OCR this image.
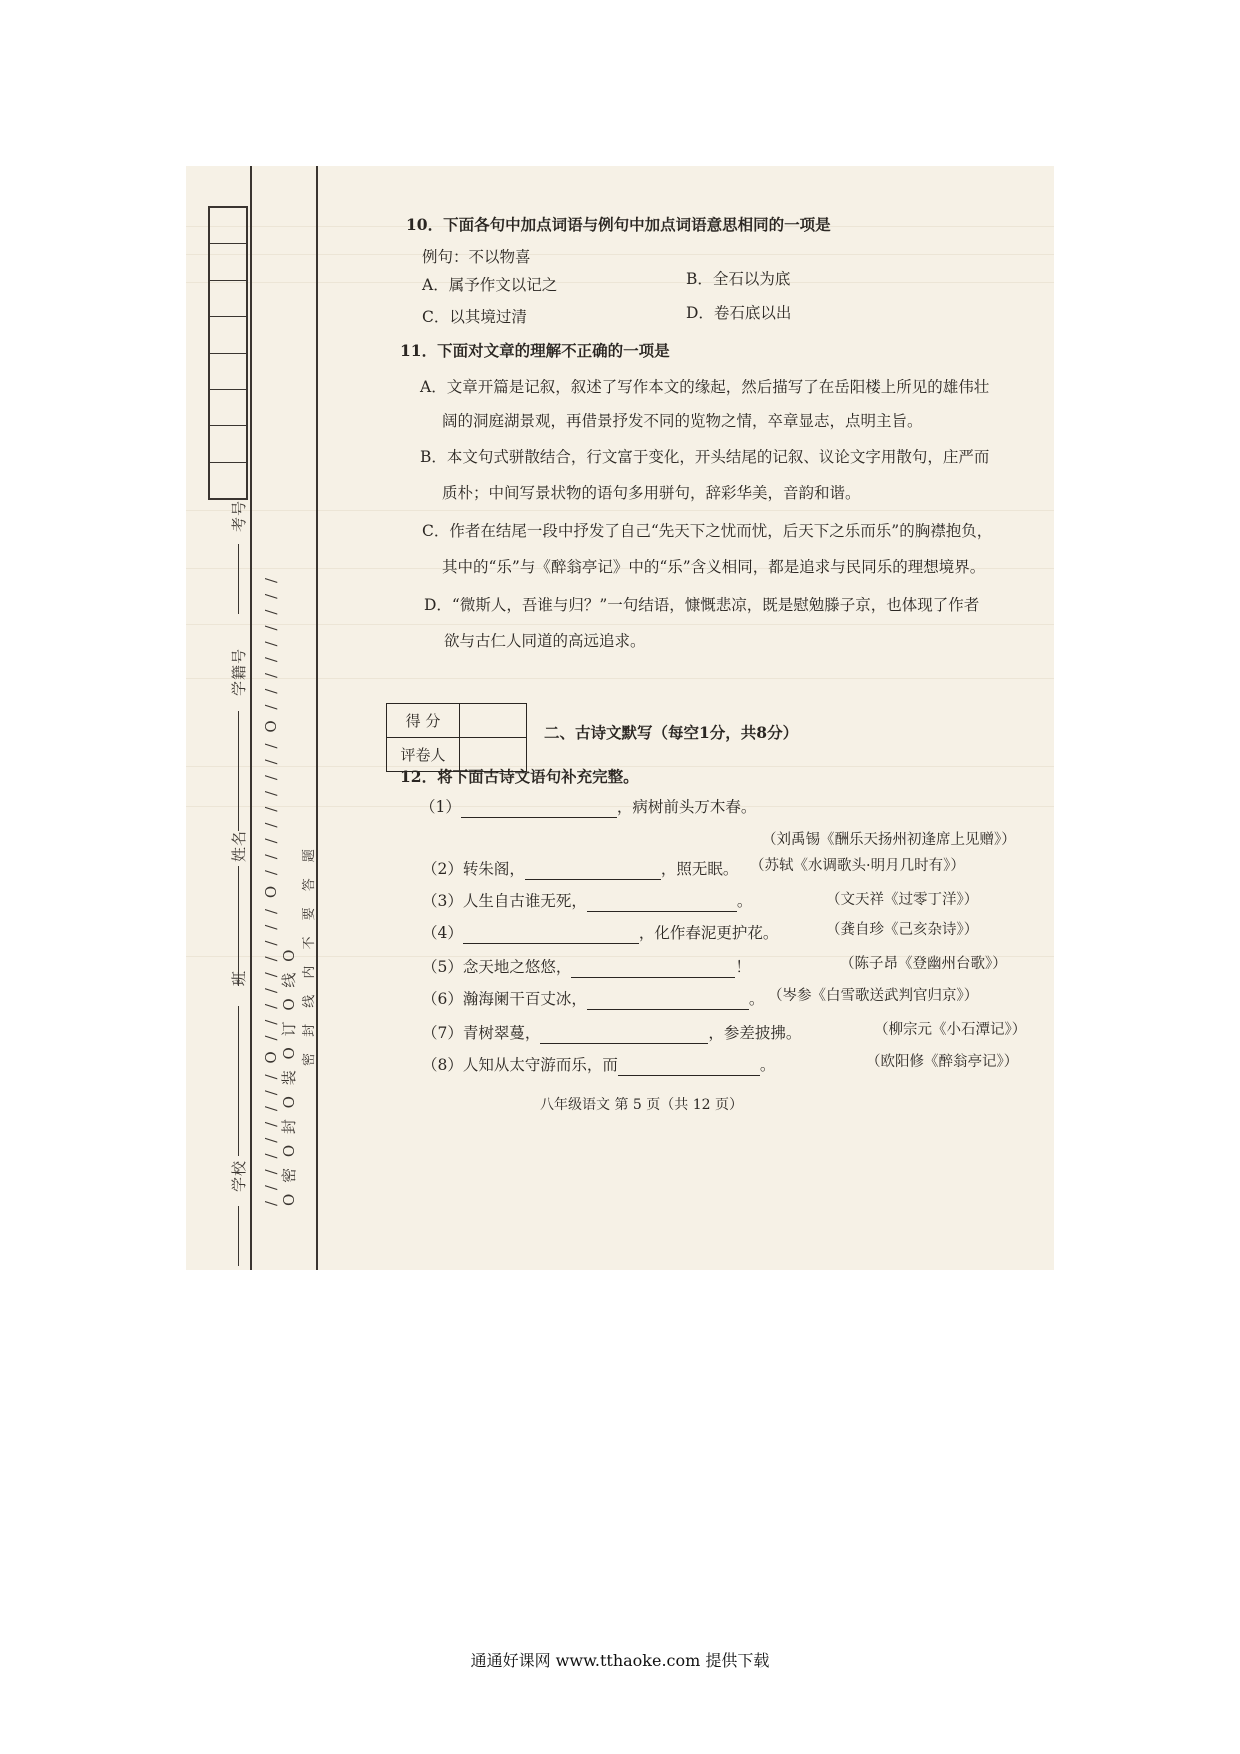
考号
学籍号
姓名
班
学校 / / / / / / / / / O / / / / / / / / / O / / / / / / / / / O / / / / / / / / / O 密 O 封 O 装 O 订 O 线 O 密 封 线 内 不 要 答 题
10．下面各句中加点词语与例句中加点词语意思相同的一项是
例句：不以物喜
A．属予作文以记之	B．全石以为底
C．以其境过清	D．卷石底以出
11．下面对文章的理解不正确的一项是
A．文章开篇是记叙，叙述了写作本文的缘起，然后描写了在岳阳楼上所见的雄伟壮
阔的洞庭湖景观，再借景抒发不同的览物之情，卒章显志，点明主旨。
B．本文句式骈散结合，行文富于变化，开头结尾的记叙、议论文字用散句，庄严而
质朴；中间写景状物的语句多用骈句，辞彩华美，音韵和谐。
C．作者在结尾一段中抒发了自己“先天下之忧而忧，后天下之乐而乐”的胸襟抱负，
其中的“乐”与《醉翁亭记》中的“乐”含义相同，都是追求与民同乐的理想境界。
D．“微斯人，吾谁与归？”一句结语，慷慨悲凉，既是慰勉滕子京，也体现了作者
欲与古仁人同道的高远追求。
得 分	
评卷人	
二、古诗文默写（每空1分，共8分）
12．将下面古诗文语句补充完整。
（1）	，病树前头万木春。
（刘禹锡《酬乐天扬州初逢席上见赠》）
（2）转朱阁，	，照无眠。 （苏轼《水调歌头·明月几时有》）
（3）人生自古谁无死，	。	（文天祥《过零丁洋》）
（4）	，化作春泥更护花。	（龚自珍《己亥杂诗》）
（5）念天地之悠悠，	！	（陈子昂《登幽州台歌》）
（6）瀚海阑干百丈冰，	。 （岑参《白雪歌送武判官归京》）
（7）青树翠蔓，	，参差披拂。	（柳宗元《小石潭记》）
（8）人知从太守游而乐，而	。	（欧阳修《醉翁亭记》）
八年级语文 第 5 页（共 12 页）
通通好课网 www.tthaoke.com 提供下载
